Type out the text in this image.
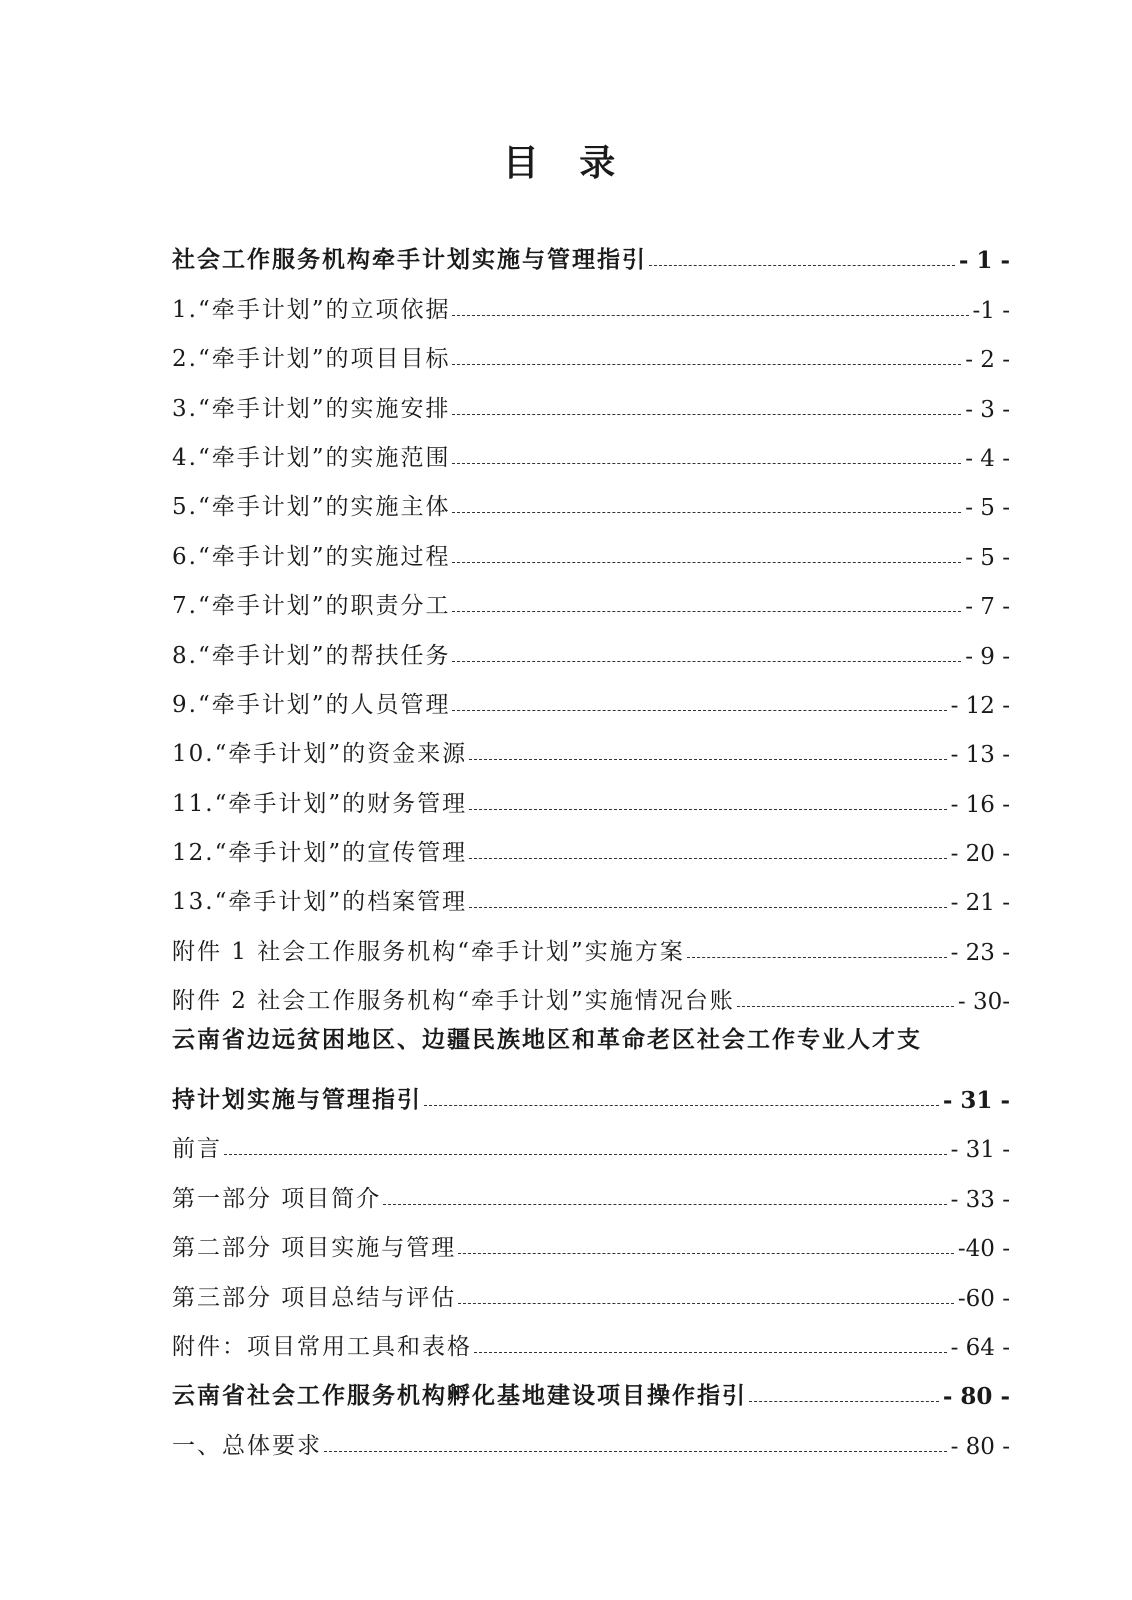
目 录
社会工作服务机构牵手计划实施与管理指引	- 1 -
1.“牵手计划”的立项依据	-1 -
2.“牵手计划”的项目目标	- 2 -
3.“牵手计划”的实施安排	- 3 -
4.“牵手计划”的实施范围	- 4 -
5.“牵手计划”的实施主体	- 5 -
6.“牵手计划”的实施过程	- 5 -
7.“牵手计划”的职责分工	- 7 -
8.“牵手计划”的帮扶任务	- 9 -
9.“牵手计划”的人员管理	- 12 -
10.“牵手计划”的资金来源	- 13 -
11.“牵手计划”的财务管理	- 16 -
12.“牵手计划”的宣传管理	- 20 -
13.“牵手计划”的档案管理	- 21 -
附件 1 社会工作服务机构“牵手计划”实施方案	- 23 -
附件 2 社会工作服务机构“牵手计划”实施情况台账	- 30-
云南省边远贫困地区、边疆民族地区和革命老区社会工作专业人才支
持计划实施与管理指引	- 31 -
前言	- 31 -
第一部分 项目简介	- 33 -
第二部分 项目实施与管理	-40 -
第三部分 项目总结与评估	-60 -
附件：项目常用工具和表格	- 64 -
云南省社会工作服务机构孵化基地建设项目操作指引	- 80 -
一、总体要求	- 80 -
